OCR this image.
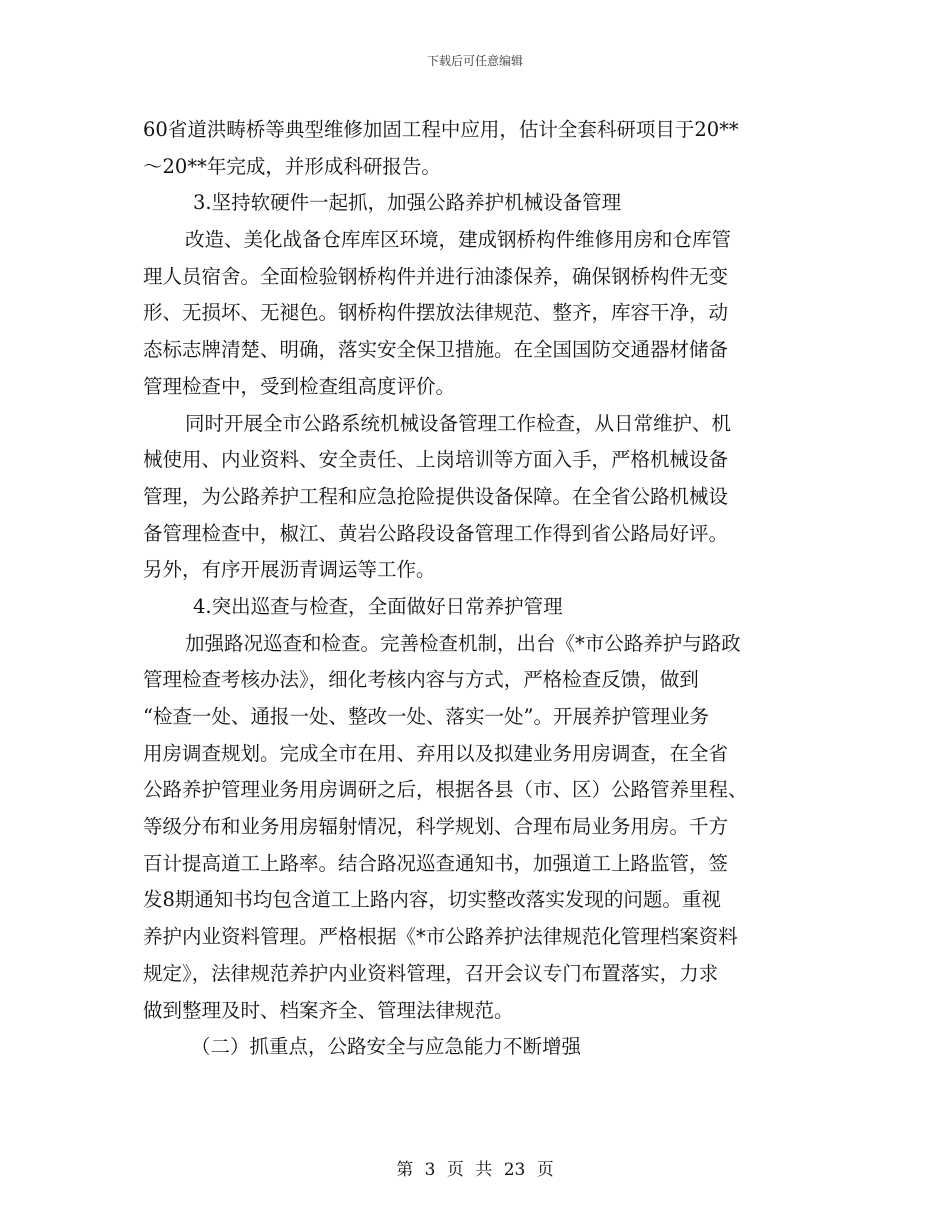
下载后可任意编辑
60省道洪畴桥等典型维修加固工程中应用，估计全套科研项目于20**
～20**年完成，并形成科研报告。
3.坚持软硬件一起抓，加强公路养护机械设备管理
改造、美化战备仓库库区环境，建成钢桥构件维修用房和仓库管
理人员宿舍。全面检验钢桥构件并进行油漆保养，确保钢桥构件无变
形、无损坏、无褪色。钢桥构件摆放法律规范、整齐，库容干净，动
态标志牌清楚、明确，落实安全保卫措施。在全国国防交通器材储备
管理检查中，受到检查组高度评价。
同时开展全市公路系统机械设备管理工作检查，从日常维护、机
械使用、内业资料、安全责任、上岗培训等方面入手，严格机械设备
管理，为公路养护工程和应急抢险提供设备保障。在全省公路机械设
备管理检查中，椒江、黄岩公路段设备管理工作得到省公路局好评。
另外，有序开展沥青调运等工作。
4.突出巡查与检查，全面做好日常养护管理
加强路况巡查和检查。完善检查机制，出台《*市公路养护与路政
管理检查考核办法》，细化考核内容与方式，严格检查反馈，做到
“检查一处、通报一处、整改一处、落实一处”。开展养护管理业务
用房调查规划。完成全市在用、弃用以及拟建业务用房调查，在全省
公路养护管理业务用房调研之后，根据各县（市、区）公路管养里程、
等级分布和业务用房辐射情况，科学规划、合理布局业务用房。千方
百计提高道工上路率。结合路况巡查通知书，加强道工上路监管，签
发8期通知书均包含道工上路内容，切实整改落实发现的问题。重视
养护内业资料管理。严格根据《*市公路养护法律规范化管理档案资料
规定》，法律规范养护内业资料管理，召开会议专门布置落实，力求
做到整理及时、档案齐全、管理法律规范。
（二）抓重点，公路安全与应急能力不断增强
第 3 页 共 23 页
